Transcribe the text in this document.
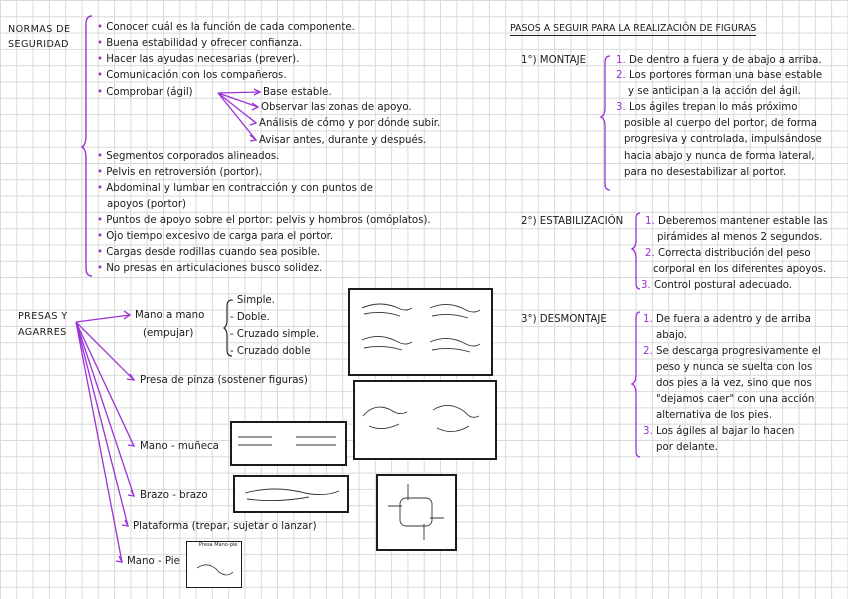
NORMAS DE
SEGURIDAD
• Conocer cuál es la función de cada componente.
• Buena estabilidad y ofrecer confianza.
• Hacer las ayudas necesarias (prever).
• Comunicación con los compañeros.
• Comprobar (ágil)	Base estable.
Observar las zonas de apoyo.
Análisis de cómo y por dónde subir.
Avisar antes, durante y después.
• Segmentos corporados alineados.
• Pelvis en retroversión (portor).
• Abdominal y lumbar en contracción y con puntos de
apoyos (portor)
• Puntos de apoyo sobre el portor: pelvis y hombros (omóplatos).
• Ojo tiempo excesivo de carga para el portor.
• Cargas desde rodillas cuando sea posible.
• No presas en articulaciones busco solidez.
PRESAS Y
AGARRES
Mano a mano
(empujar)
- Simple.
- Doble.
- Cruzado simple.
- Cruzado doble
Presa de pinza (sostener figuras)
Mano - muñeca
Brazo - brazo
Plataforma (trepar, sujetar o lanzar)
Mano - Pie
Presa Mano-pie
PASOS A SEGUIR PARA LA REALIZACIÓN DE FIGURAS
1°) MONTAJE	1. De dentro a fuera y de abajo a arriba.
2. Los portores forman una base estable
y se anticipan a la acción del ágil.
3. Los ágiles trepan lo más próximo
posible al cuerpo del portor, de forma
progresiva y controlada, impulsándose
hacia abajo y nunca de forma lateral,
para no desestabilizar al portor.
2°) ESTABILIZACIÓN 1. Deberemos mantener estable las
pirámides al menos 2 segundos.
2. Correcta distribución del peso
corporal en los diferentes apoyos.
3. Control postural adecuado.
3°) DESMONTAJE	1. De fuera a adentro y de arriba
abajo.
2. Se descarga progresivamente el
peso y nunca se suelta con los
dos pies a la vez, sino que nos
"dejamos caer" con una acción
alternativa de los pies.
3. Los ágiles al bajar lo hacen
por delante.
